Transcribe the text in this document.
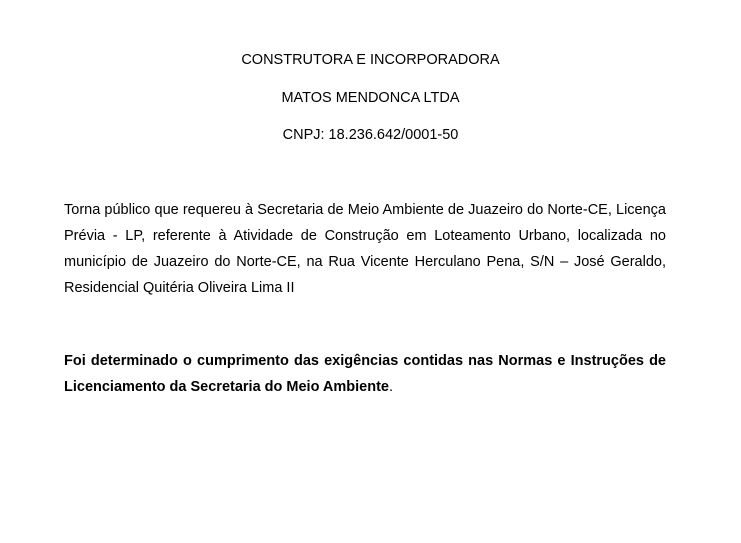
CONSTRUTORA E INCORPORADORA
MATOS MENDONCA LTDA
CNPJ: 18.236.642/0001-50
Torna público que requereu à Secretaria de Meio Ambiente de Juazeiro do Norte-CE, Licença Prévia - LP, referente à Atividade de Construção em Loteamento Urbano, localizada no município de Juazeiro do Norte-CE, na Rua Vicente Herculano Pena, S/N – José Geraldo, Residencial Quitéria Oliveira Lima II
Foi determinado o cumprimento das exigências contidas nas Normas e Instruções de Licenciamento da Secretaria do Meio Ambiente.
